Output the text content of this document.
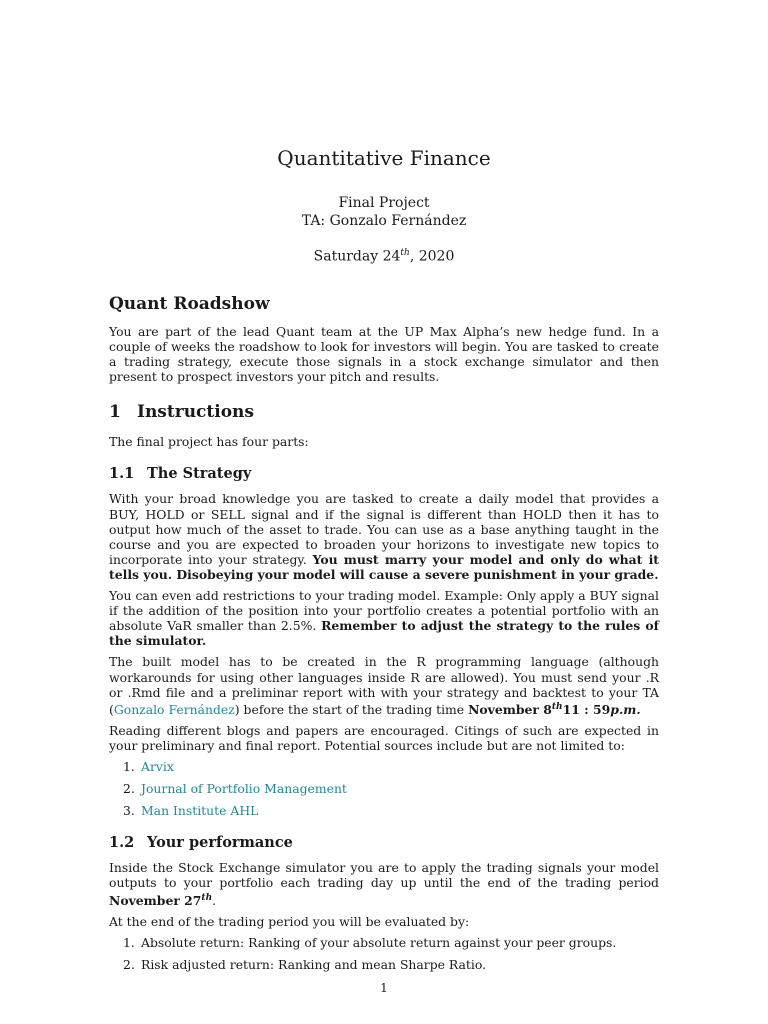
Quantitative Finance
Final Project
TA: Gonzalo Fernández
Saturday 24th, 2020
Quant Roadshow

You are part of the lead Quant team at the UP Max Alpha’s new hedge fund. In a couple of weeks the roadshow to look for investors will begin. You are tasked to create a trading strategy, execute those signals in a stock exchange simulator and then present to prospect investors your pitch and results.

1 Instructions

The final project has four parts:

1.1 The Strategy

With your broad knowledge you are tasked to create a daily model that provides a BUY, HOLD or SELL signal and if the signal is different than HOLD then it has to output how much of the asset to trade. You can use as a base anything taught in the course and you are expected to broaden your horizons to investigate new topics to incorporate into your strategy. You must marry your model and only do what it tells you. Disobeying your model will cause a severe punishment in your grade.

You can even add restrictions to your trading model. Example: Only apply a BUY signal if the addition of the position into your portfolio creates a potential portfolio with an absolute VaR smaller than 2.5%. Remember to adjust the strategy to the rules of the simulator.

The built model has to be created in the R programming language (although workarounds for using other languages inside R are allowed). You must send your .R or .Rmd file and a preliminar report with with your strategy and backtest to your TA (Gonzalo Fernández) before the start of the trading time November 8th11 : 59p.m.

Reading different blogs and papers are encouraged. Citings of such are expected in your preliminary and final report. Potential sources include but are not limited to:

1. Arvix
2. Journal of Portfolio Management
3. Man Institute AHL
1.2 Your performance

Inside the Stock Exchange simulator you are to apply the trading signals your model outputs to your portfolio each trading day up until the end of the trading period November 27th.

At the end of the trading period you will be evaluated by:

1. Absolute return: Ranking of your absolute return against your peer groups.
2. Risk adjusted return: Ranking and mean Sharpe Ratio.
1
